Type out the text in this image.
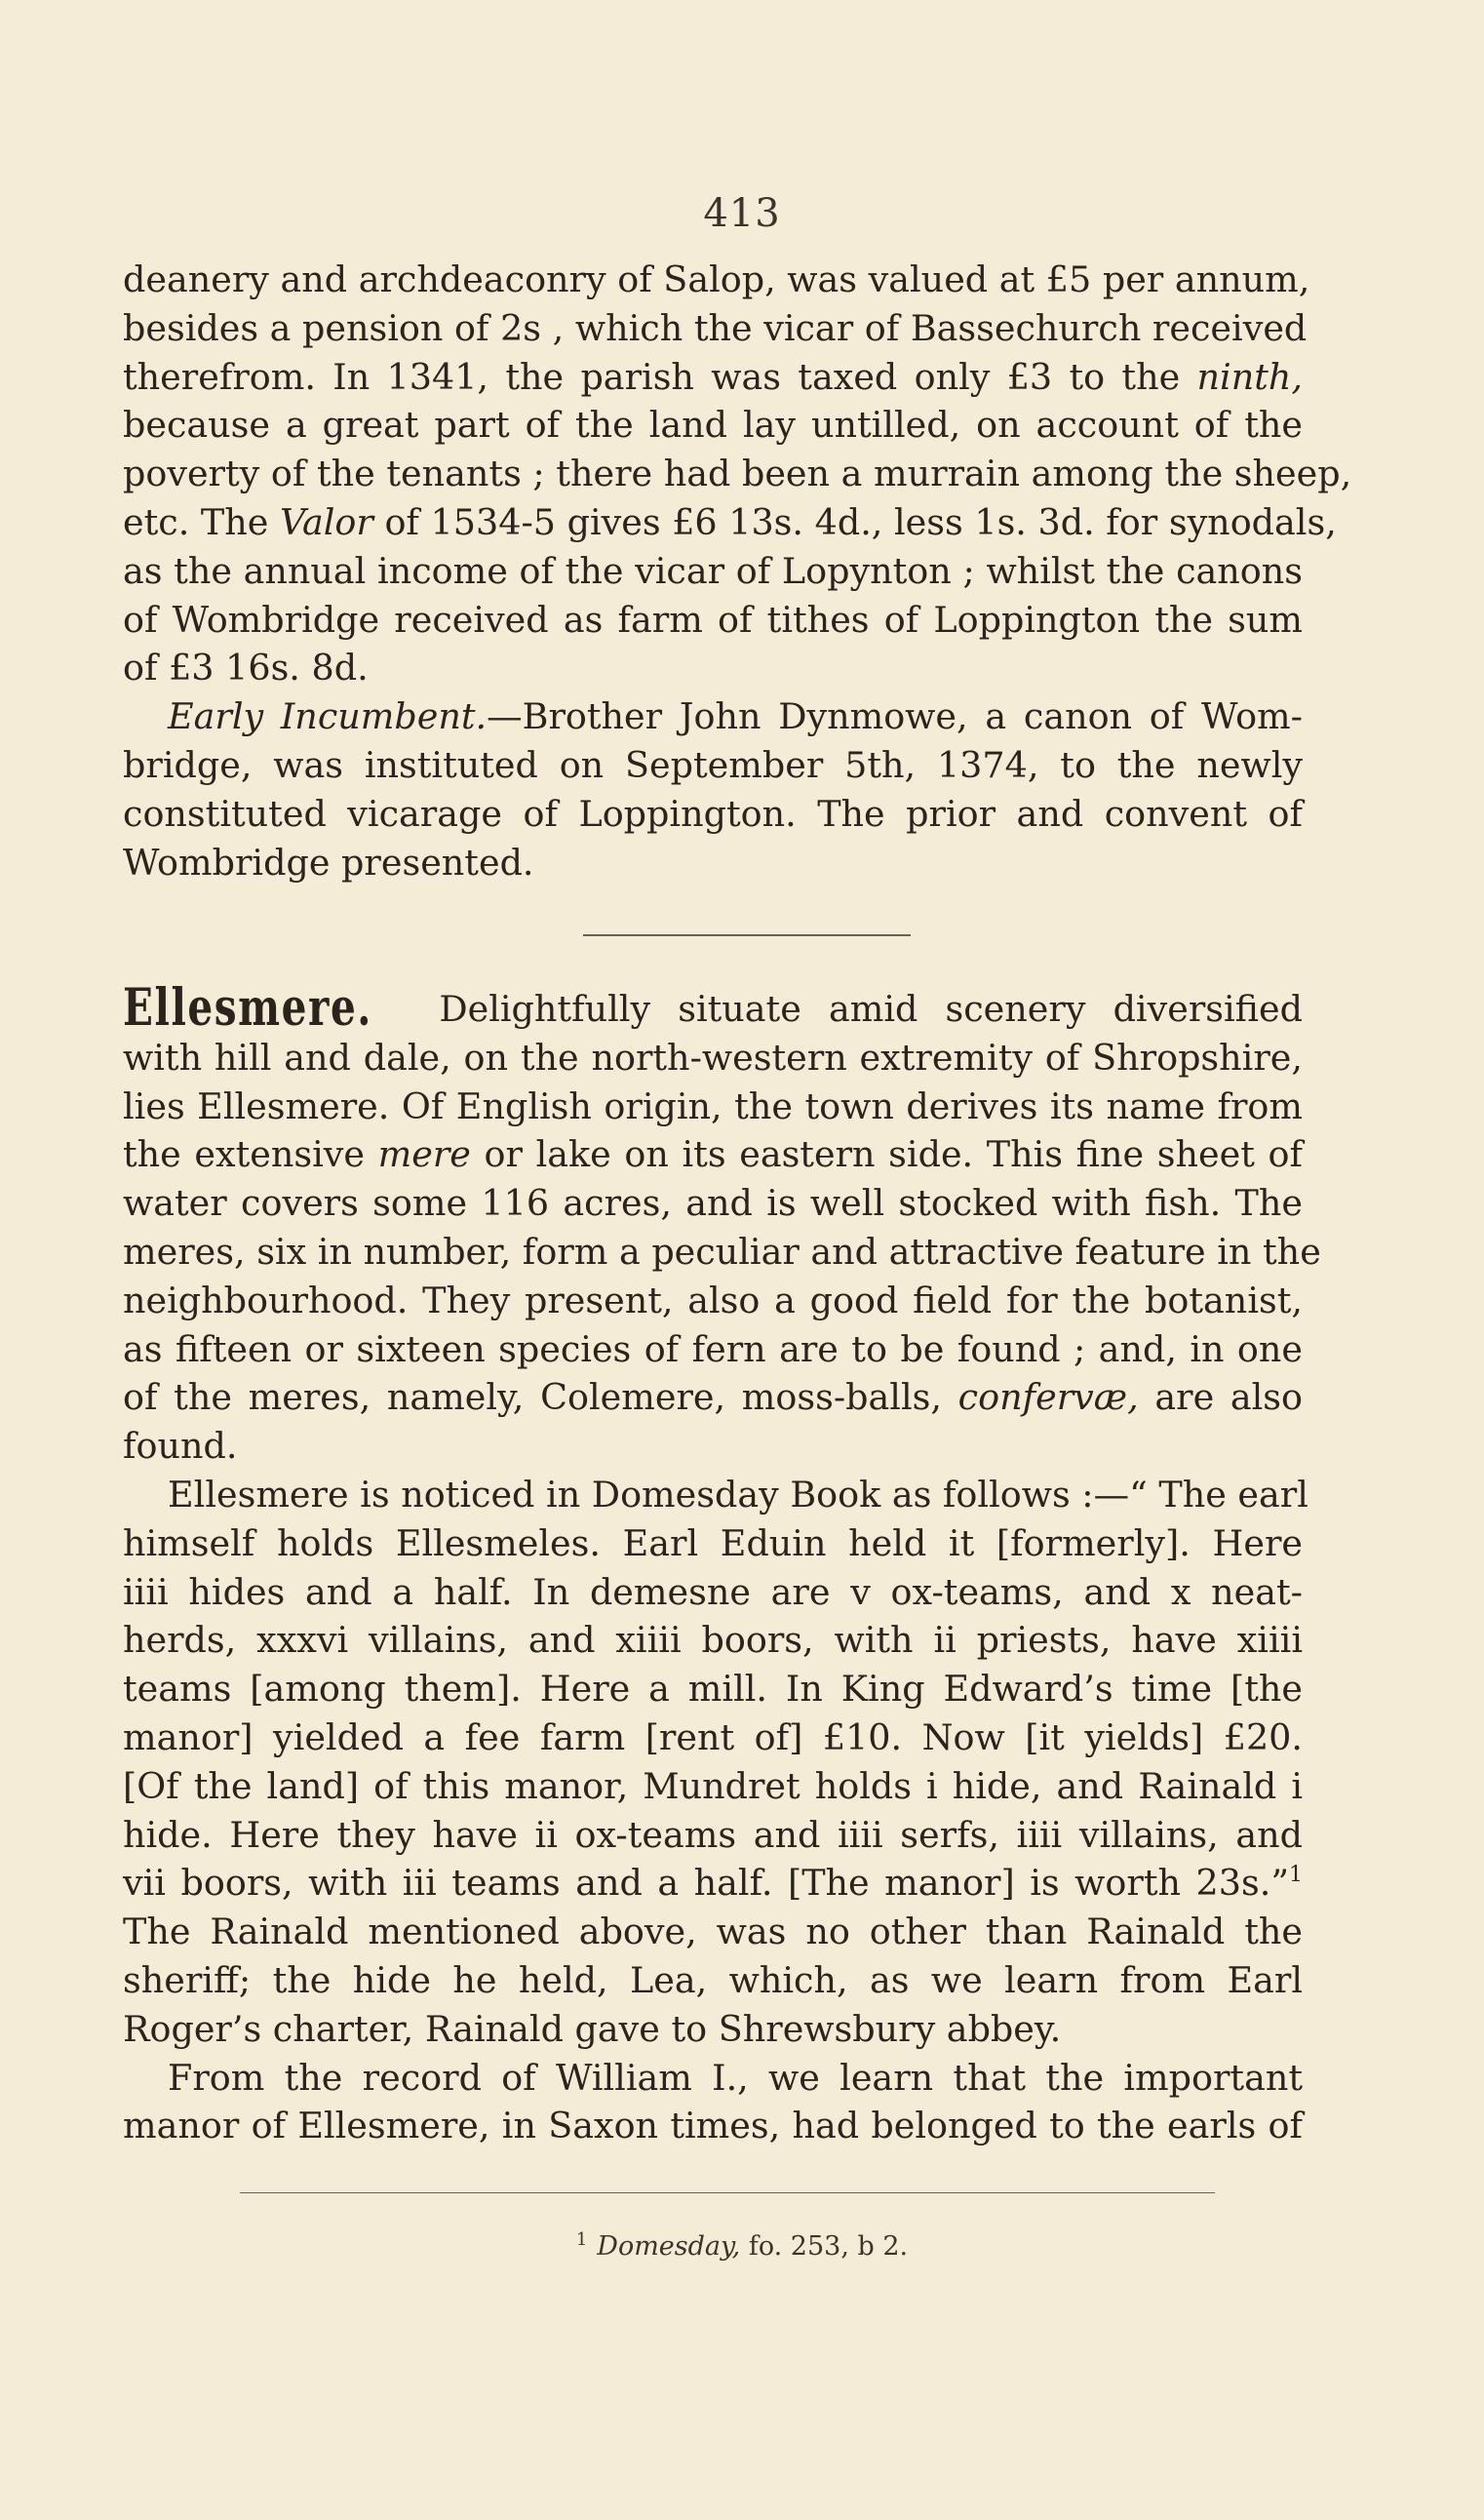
413
deanery and archdeaconry of Salop, was valued at £5 per annum,
besides a pension of 2s , which the vicar of Bassechurch received
therefrom. In 1341, the parish was taxed only £3 to the ninth,
because a great part of the land lay untilled, on account of the
poverty of the tenants ; there had been a murrain among the sheep,
etc. The Valor of 1534-5 gives £6 13s. 4d., less 1s. 3d. for synodals,
as the annual income of the vicar of Lopynton ; whilst the canons
of Wombridge received as farm of tithes of Loppington the sum
of £3 16s. 8d.
Early Incumbent.—Brother John Dynmowe, a canon of Wom-
bridge, was instituted on September 5th, 1374, to the newly
constituted vicarage of Loppington. The prior and convent of
Wombridge presented.
Ellesmere. Delightfully situate amid scenery diversified
with hill and dale, on the north-western extremity of Shropshire,
lies Ellesmere. Of English origin, the town derives its name from
the extensive mere or lake on its eastern side. This fine sheet of
water covers some 116 acres, and is well stocked with fish. The
meres, six in number, form a peculiar and attractive feature in the
neighbourhood. They present, also a good field for the botanist,
as fifteen or sixteen species of fern are to be found ; and, in one
of the meres, namely, Colemere, moss-balls, confervæ, are also
found.
Ellesmere is noticed in Domesday Book as follows :—“ The earl
himself holds Ellesmeles. Earl Eduin held it [formerly]. Here
iiii hides and a half. In demesne are v ox-teams, and x neat-
herds, xxxvi villains, and xiiii boors, with ii priests, have xiiii
teams [among them]. Here a mill. In King Edward’s time [the
manor] yielded a fee farm [rent of] £10. Now [it yields] £20.
[Of the land] of this manor, Mundret holds i hide, and Rainald i
hide. Here they have ii ox-teams and iiii serfs, iiii villains, and
vii boors, with iii teams and a half. [The manor] is worth 23s.”$^1$
The Rainald mentioned above, was no other than Rainald the
sheriff; the hide he held, Lea, which, as we learn from Earl
Roger’s charter, Rainald gave to Shrewsbury abbey.
From the record of William I., we learn that the important
manor of Ellesmere, in Saxon times, had belonged to the earls of
$^1$ Domesday, fo. 253, b 2.
